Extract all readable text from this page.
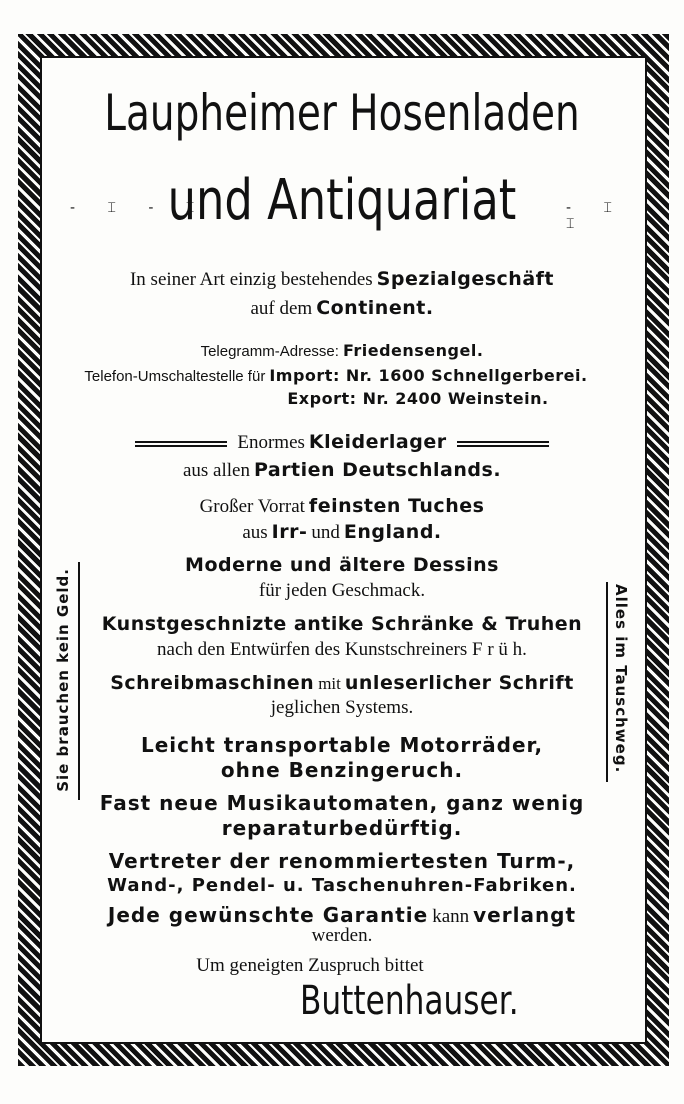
Laupheimer Hosenladen
- ⌶ - ⌶
und Antiquariat	- ⌶ - ⌶
In seiner Art einzig bestehendes Spezialgeschäft
auf dem Continent.
Telegramm-Adresse: Friedensengel.
Telefon-Umschaltestelle für Import: Nr. 1600 Schnellgerberei.
Export: Nr. 2400 Weinstein.
Enormes Kleiderlager
aus allen Partien Deutschlands.
Großer Vorrat feinsten Tuches
aus Irr- und England.
Moderne und ältere Dessins
für jeden Geschmack.
Kunstgeschnizte antike Schränke & Truhen
nach den Entwürfen des Kunstschreiners F r ü h.
Schreibmaschinen mit unleserlicher Schrift
jeglichen Systems.
Leicht transportable Motorräder,
ohne Benzingeruch.
Fast neue Musikautomaten, ganz wenig
reparaturbedürftig.
Vertreter der renommiertesten Turm-,
Wand-, Pendel- u. Taschenuhren-Fabriken.
Jede gewünschte Garantie kann verlangt
werden.
Um geneigten Zuspruch bittet
Buttenhauser.
Sie brauchen kein Geld.	Alles im Tauschweg.
